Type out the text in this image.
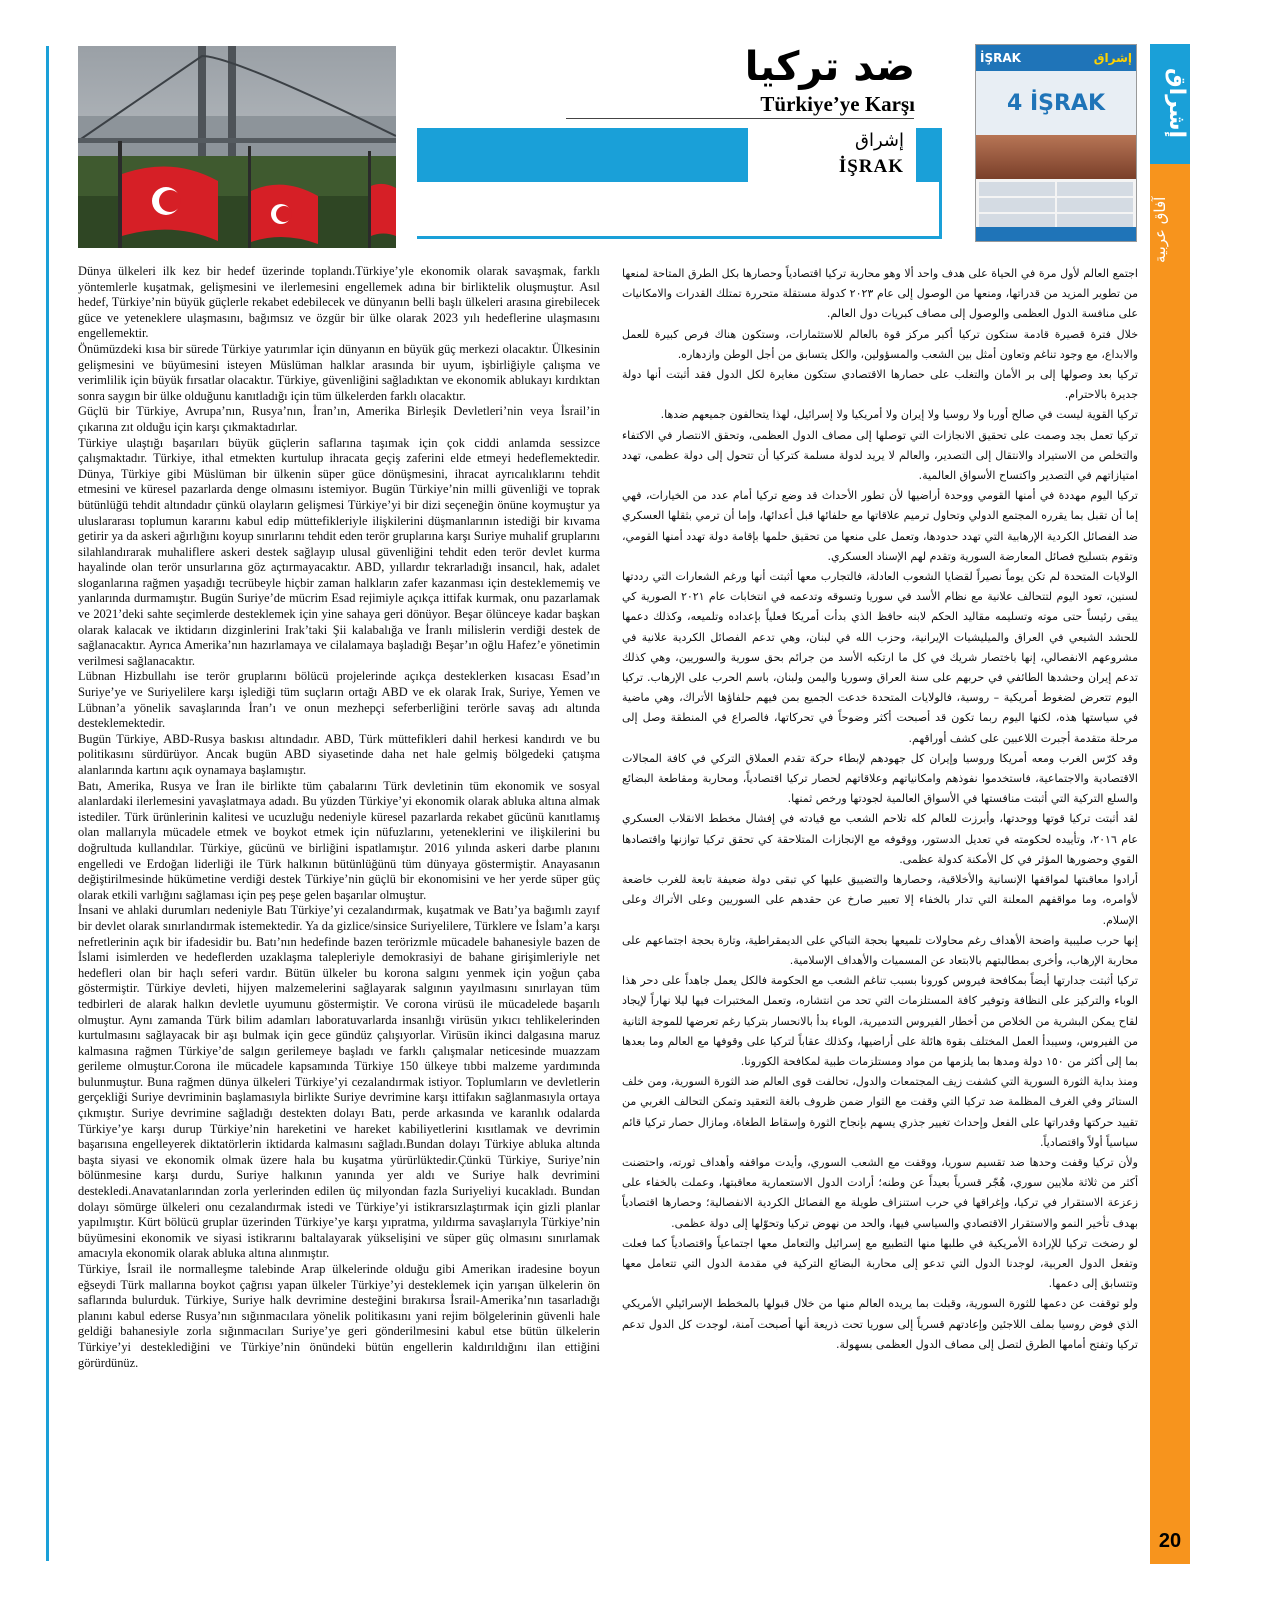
ضد تركيا
Türkiye’ye Karşı
إشراق
İŞRAK
İŞRAK	إشراق
4 İŞRAK	إشراق
آفاق عربية
20

Dünya ülkeleri ilk kez bir hedef üzerinde toplandı.Türkiye’yle ekonomik olarak savaşmak, farklı yöntemlerle kuşatmak, gelişmesini ve ilerlemesini engellemek adına bir birliktelik oluşmuştur. Asıl hedef, Türkiye’nin büyük güçlerle rekabet edebilecek ve dünyanın belli başlı ülkeleri arasına girebilecek güce ve yeteneklere ulaşmasını, bağımsız ve özgür bir ülke olarak 2023 yılı hedeflerine ulaşmasını engellemektir.

Önümüzdeki kısa bir sürede Türkiye yatırımlar için dünyanın en büyük güç merkezi olacaktır. Ülkesinin gelişmesini ve büyümesini isteyen Müslüman halklar arasında bir uyum, işbirliğiyle çalışma ve verimlilik için büyük fırsatlar olacaktır. Türkiye, güvenliğini sağladıktan ve ekonomik ablukayı kırdıktan sonra saygın bir ülke olduğunu kanıtladığı için tüm ülkelerden farklı olacaktır.

Güçlü bir Türkiye, Avrupa’nın, Rusya’nın, İran’ın, Amerika Birleşik Devletleri’nin veya İsrail’in çıkarına zıt olduğu için karşı çıkmaktadırlar.

Türkiye ulaştığı başarıları büyük güçlerin saflarına taşımak için çok ciddi anlamda sessizce çalışmaktadır. Türkiye, ithal etmekten kurtulup ihracata geçiş zaferini elde etmeyi hedeflemektedir. Dünya, Türkiye gibi Müslüman bir ülkenin süper güce dönüşmesini, ihracat ayrıcalıklarını tehdit etmesini ve küresel pazarlarda denge olmasını istemiyor. Bugün Türkiye’nin milli güvenliği ve toprak bütünlüğü tehdit altındadır çünkü olayların gelişmesi Türkiye’yi bir dizi seçeneğin önüne koymuştur ya uluslararası toplumun kararını kabul edip müttefikleriyle ilişkilerini düşmanlarının istediği bir kıvama getirir ya da askeri ağırlığını koyup sınırlarını tehdit eden terör gruplarına karşı Suriye muhalif gruplarını silahlandırarak muhaliflere askeri destek sağlayıp ulusal güvenliğini tehdit eden terör devlet kurma hayalinde olan terör unsurlarına göz açtırmayacaktır. ABD, yıllardır tekrarladığı insancıl, hak, adalet sloganlarına rağmen yaşadığı tecrübeyle hiçbir zaman halkların zafer kazanması için desteklememiş ve yanlarında durmamıştır. Bugün Suriye’de mücrim Esad rejimiyle açıkça ittifak kurmak, onu pazarlamak ve 2021’deki sahte seçimlerde desteklemek için yine sahaya geri dönüyor. Beşar ölünceye kadar başkan olarak kalacak ve iktidarın dizginlerini Irak’taki Şii kalabalığa ve İranlı milislerin verdiği destek de sağlanacaktır. Ayrıca Amerika’nın hazırlamaya ve cilalamaya başladığı Beşar’ın oğlu Hafez’e yönetimin verilmesi sağlanacaktır.

Lübnan Hizbullahı ise terör gruplarını bölücü projelerinde açıkça desteklerken kısacası Esad’ın Suriye’ye ve Suriyelilere karşı işlediği tüm suçların ortağı ABD ve ek olarak Irak, Suriye, Yemen ve Lübnan’a yönelik savaşlarında İran’ı ve onun mezhepçi seferberliğini terörle savaş adı altında desteklemektedir.

Bugün Türkiye, ABD-Rusya baskısı altındadır. ABD, Türk müttefikleri dahil herkesi kandırdı ve bu politikasını sürdürüyor. Ancak bugün ABD siyasetinde daha net hale gelmiş bölgedeki çatışma alanlarında kartını açık oynamaya başlamıştır.

Batı, Amerika, Rusya ve İran ile birlikte tüm çabalarını Türk devletinin tüm ekonomik ve sosyal alanlardaki ilerlemesini yavaşlatmaya adadı. Bu yüzden Türkiye’yi ekonomik olarak abluka altına almak istediler. Türk ürünlerinin kalitesi ve ucuzluğu nedeniyle küresel pazarlarda rekabet gücünü kanıtlamış olan mallarıyla mücadele etmek ve boykot etmek için nüfuzlarını, yeteneklerini ve ilişkilerini bu doğrultuda kullandılar. Türkiye, gücünü ve birliğini ispatlamıştır. 2016 yılında askeri darbe planını engelledi ve Erdoğan liderliği ile Türk halkının bütünlüğünü tüm dünyaya göstermiştir. Anayasanın değiştirilmesinde hükümetine verdiği destek Türkiye’nin güçlü bir ekonomisini ve her yerde süper güç olarak etkili varlığını sağlaması için peş peşe gelen başarılar olmuştur.

İnsani ve ahlaki durumları nedeniyle Batı Türkiye’yi cezalandırmak, kuşatmak ve Batı’ya bağımlı zayıf bir devlet olarak sınırlandırmak istemektedir. Ya da gizlice/sinsice Suriyelilere, Türklere ve İslam’a karşı nefretlerinin açık bir ifadesidir bu. Batı’nın hedefinde bazen terörizmle mücadele bahanesiyle bazen de İslami isimlerden ve hedeflerden uzaklaşma talepleriyle demokrasiyi de bahane girişimleriyle net hedefleri olan bir haçlı seferi vardır. Bütün ülkeler bu korona salgını yenmek için yoğun çaba göstermiştir. Türkiye devleti, hijyen malzemelerini sağlayarak salgının yayılmasını sınırlayan tüm tedbirleri de alarak halkın devletle uyumunu göstermiştir. Ve corona virüsü ile mücadelede başarılı olmuştur. Aynı zamanda Türk bilim adamları laboratuvarlarda insanlığı virüsün yıkıcı tehlikelerinden kurtulmasını sağlayacak bir aşı bulmak için gece gündüz çalışıyorlar. Virüsün ikinci dalgasına maruz kalmasına rağmen Türkiye’de salgın gerilemeye başladı ve farklı çalışmalar neticesinde muazzam gerileme olmuştur.Corona ile mücadele kapsamında Türkiye 150 ülkeye tıbbi malzeme yardımında bulunmuştur. Buna rağmen dünya ülkeleri Türkiye’yi cezalandırmak istiyor. Toplumların ve devletlerin gerçekliği Suriye devriminin başlamasıyla birlikte Suriye devrimine karşı ittifakın sağlanmasıyla ortaya çıkmıştır. Suriye devrimine sağladığı destekten dolayı Batı, perde arkasında ve karanlık odalarda Türkiye’ye karşı durup Türkiye’nin hareketini ve hareket kabiliyetlerini kısıtlamak ve devrimin başarısına engelleyerek diktatörlerin iktidarda kalmasını sağladı.Bundan dolayı Türkiye abluka altında başta siyasi ve ekonomik olmak üzere hala bu kuşatma yürürlüktedir.Çünkü Türkiye, Suriye’nin bölünmesine karşı durdu, Suriye halkının yanında yer aldı ve Suriye halk devrimini destekledi.Anavatanlarından zorla yerlerinden edilen üç milyondan fazla Suriyeliyi kucakladı. Bundan dolayı sömürge ülkeleri onu cezalandırmak istedi ve Türkiye’yi istikrarsızlaştırmak için gizli planlar yapılmıştır. Kürt bölücü gruplar üzerinden Türkiye’ye karşı yıpratma, yıldırma savaşlarıyla Türkiye’nin büyümesini ekonomik ve siyasi istikrarını baltalayarak yükselişini ve süper güç olmasını sınırlamak amacıyla ekonomik olarak abluka altına alınmıştır.

Türkiye, İsrail ile normalleşme talebinde Arap ülkelerinde olduğu gibi Amerikan iradesine boyun eğseydi Türk mallarına boykot çağrısı yapan ülkeler Türkiye’yi desteklemek için yarışan ülkelerin ön saflarında bulurduk. Türkiye, Suriye halk devrimine desteğini bırakırsa İsrail-Amerika’nın tasarladığı planını kabul ederse Rusya’nın sığınmacılara yönelik politikasını yani rejim bölgelerinin güvenli hale geldiği bahanesiyle zorla sığınmacıları Suriye’ye geri gönderilmesini kabul etse bütün ülkelerin Türkiye’yi desteklediğini ve Türkiye’nin önündeki bütün engellerin kaldırıldığını ilan ettiğini görürdünüz.

اجتمع العالم لأول مرة في الحياة على هدف واحد ألا وهو محاربة تركيا اقتصادياً وحصارها بكل الطرق المتاحة لمنعها من تطوير المزيد من قدراتها، ومنعها من الوصول إلى عام ٢٠٢٣ كدولة مستقلة متحررة تمتلك القدرات والامكانيات على منافسة الدول العظمى والوصول إلى مصاف كبريات دول العالم.

خلال فترة قصيرة قادمة ستكون تركيا أكبر مركز قوة بالعالم للاستثمارات، وستكون هناك فرص كبيرة للعمل والابداع، مع وجود تناغم وتعاون أمثل بين الشعب والمسؤولين، والكل يتسابق من أجل الوطن وازدهاره.

تركيا بعد وصولها إلى بر الأمان والتغلب على حصارها الاقتصادي ستكون مغايرة لكل الدول فقد أثبتت أنها دولة جديرة بالاحترام.

تركيا القوية ليست في صالح أوربا ولا روسيا ولا إيران ولا أمريكيا ولا إسرائيل، لهذا يتحالفون جميعهم ضدها.

تركيا تعمل بجد وصمت على تحقيق الانجازات التي توصلها إلى مصاف الدول العظمى، وتحقق الانتصار في الاكتفاء والتخلص من الاستيراد والانتقال إلى التصدير، والعالم لا يريد لدولة مسلمة كتركيا أن تتحول إلى دولة عظمى، تهدد امتيازاتهم في التصدير واكتساح الأسواق العالمية.

تركيا اليوم مهددة في أمنها القومي ووحدة أراضيها لأن تطور الأحداث قد وضع تركيا أمام عدد من الخيارات، فهي إما أن تقبل بما يقرره المجتمع الدولي وتحاول ترميم علاقاتها مع حلفائها قبل أعدائها، وإما أن ترمي بثقلها العسكري ضد الفصائل الكردية الإرهابية التي تهدد حدودها، وتعمل على منعها من تحقيق حلمها بإقامة دولة تهدد أمنها القومي، وتقوم بتسليح فصائل المعارضة السورية وتقدم لهم الإسناد العسكري.

الولايات المتحدة لم تكن يوماً نصيراً لقضايا الشعوب العادلة، فالتجارب معها أثبتت أنها ورغم الشعارات التي رددتها لسنين، تعود اليوم لتتحالف علانية مع نظام الأسد في سوريا وتسوقه وتدعمه في انتخابات عام ٢٠٢١ الصورية كي يبقى رئيساً حتى موته وتسليمه مقاليد الحكم لابنه حافظ الذي بدأت أمريكا فعلياً بإعداده وتلميعه، وكذلك دعمها للحشد الشيعي في العراق والميليشيات الإيرانية، وحزب الله في لبنان، وهي تدعم الفصائل الكردية علانية في مشروعهم الانفصالي، إنها باختصار شريك في كل ما ارتكبه الأسد من جرائم بحق سورية والسوريين، وهي كذلك تدعم إيران وحشدها الطائفي في حربهم على سنة العراق وسوريا واليمن ولبنان، باسم الحرب على الإرهاب. تركيا اليوم تتعرض لضغوط أمريكية – روسية، فالولايات المتحدة خدعت الجميع بمن فيهم حلفاؤها الأتراك، وهي ماضية في سياستها هذه، لكنها اليوم ربما تكون قد أصبحت أكثر وضوحاً في تحركاتها، فالصراع في المنطقة وصل إلى مرحلة متقدمة أجبرت اللاعبين على كشف أوراقهم.

وقد كرّس الغرب ومعه أمريكا وروسيا وإيران كل جهودهم لإبطاء حركة تقدم العملاق التركي في كافة المجالات الاقتصادية والاجتماعية، فاستخدموا نفوذهم وامكانياتهم وعلاقاتهم لحصار تركيا اقتصادياً، ومحاربة ومقاطعة البضائع والسلع التركية التي أثبتت منافستها في الأسواق العالمية لجودتها ورخص ثمنها.

لقد أثبتت تركيا قوتها ووحدتها، وأبرزت للعالم كله تلاحم الشعب مع قيادته في إفشال مخطط الانقلاب العسكري عام ٢٠١٦، وتأييده لحكومته في تعديل الدستور، ووقوفه مع الإنجازات المتلاحقة كي تحقق تركيا توازنها واقتصادها القوي وحضورها المؤثر في كل الأمكنة كدولة عظمى.

أرادوا معاقبتها لمواقفها الإنسانية والأخلاقية، وحصارها والتضييق عليها كي تبقى دولة ضعيفة تابعة للغرب خاضعة لأوامره، وما مواقفهم المعلنة التي تدار بالخفاء إلا تعبير صارخ عن حقدهم على السوريين وعلى الأتراك وعلى الإسلام.

إنها حرب صليبية واضحة الأهداف رغم محاولات تلميعها بحجة التباكي على الديمقراطية، وتارة بحجة اجتماعهم على محاربة الإرهاب، وأخرى بمطالبتهم بالابتعاد عن المسميات والأهداف الإسلامية.

تركيا أثبتت جدارتها أيضاً بمكافحة فيروس كورونا بسبب تناغم الشعب مع الحكومة فالكل يعمل جاهداً على دحر هذا الوباء والتركيز على النظافة وتوفير كافة المستلزمات التي تحد من انتشاره، وتعمل المختبرات فيها ليلا نهاراً لإيجاد لقاح يمكن البشرية من الخلاص من أخطار الفيروس التدميرية، الوباء بدأ بالانحسار بتركيا رغم تعرضها للموجة الثانية من الفيروس، وسيبدأ العمل المختلف بقوة هائلة على أراضيها، وكذلك عقاباً لتركيا على وقوفها مع العالم وما بعدها بما إلى أكثر من ١٥٠ دولة ومدها بما يلزمها من مواد ومستلزمات طبية لمكافحة الكورونا.

ومنذ بداية الثورة السورية التي كشفت زيف المجتمعات والدول، تحالفت قوى العالم ضد الثورة السورية، ومن خلف الستائر وفي الغرف المظلمة ضد تركيا التي وقفت مع الثوار ضمن ظروف بالغة التعقيد وتمكن التحالف الغربي من تقييد حركتها وقدراتها على الفعل وإحداث تغيير جذري يسهم بإنجاح الثورة وإسقاط الطغاة، ومازال حصار تركيا قائم سياسياً أولاً واقتصادياً.

ولأن تركيا وقفت وحدها ضد تقسيم سوريا، ووقفت مع الشعب السوري، وأيدت مواقفه وأهداف ثورته، واحتضنت أكثر من ثلاثة ملايين سوري، هُجّر قسرياً بعيداً عن وطنه؛ أرادت الدول الاستعمارية معاقبتها، وعملت بالخفاء على زعزعة الاستقرار في تركيا، وإغراقها في حرب استنزاف طويلة مع الفصائل الكردية الانفصالية؛ وحصارها اقتصادياً بهدف تأخير النمو والاستقرار الاقتصادي والسياسي فيها، والحد من نهوض تركيا وتحوّلها إلى دولة عظمى.

لو رضخت تركيا للإرادة الأمريكية في طلبها منها التطبيع مع إسرائيل والتعامل معها اجتماعياً واقتصادياً كما فعلت وتفعل الدول العربية، لوجدنا الدول التي تدعو إلى محاربة البضائع التركية في مقدمة الدول التي تتعامل معها وتتسابق إلى دعمها.

ولو توقفت عن دعمها للثورة السورية، وقبلت بما يريده العالم منها من خلال قبولها بالمخطط الإسرائيلي الأمريكي الذي فوض روسيا بملف اللاجئين وإعادتهم قسرياً إلى سوريا تحت ذريعة أنها أصبحت آمنة، لوجدت كل الدول تدعم تركيا وتفتح أمامها الطرق لتصل إلى مصاف الدول العظمى بسهولة.
